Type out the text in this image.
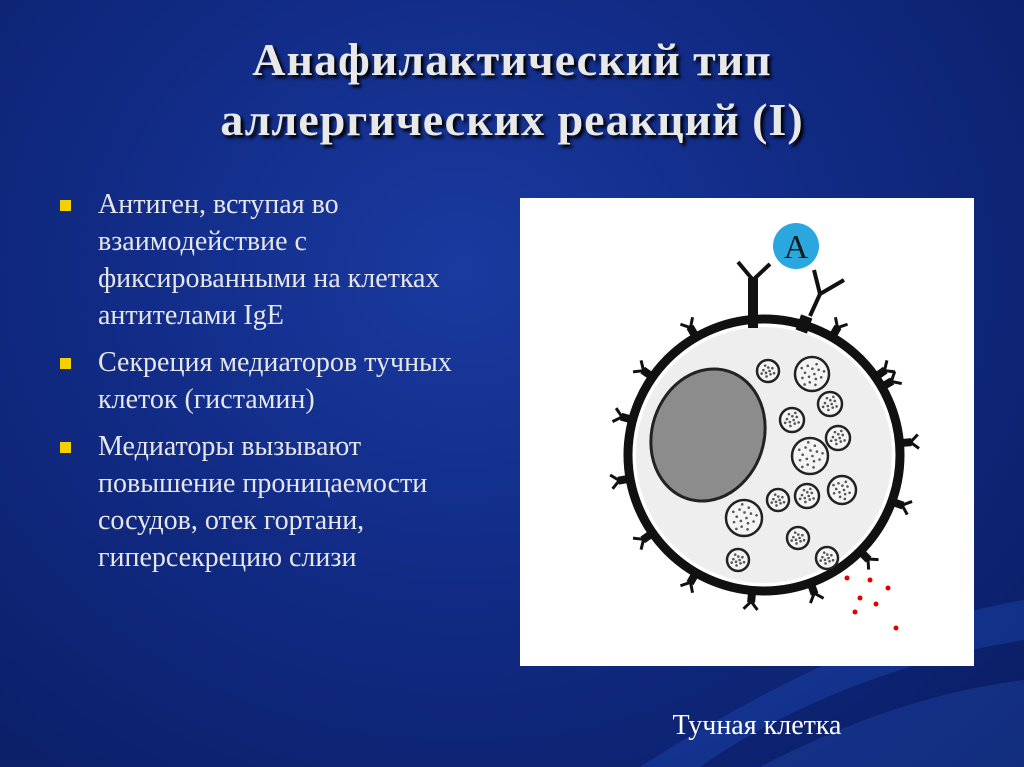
Анафилактический тип
аллергических реакций (I)
Антиген, вступая во взаимодействие с фиксированными на клетках антителами IgE
Секреция медиаторов тучных клеток (гистамин)
Медиаторы вызывают повышение проницаемости сосудов, отек гортани, гиперсекрецию слизи
A
Тучная клетка
